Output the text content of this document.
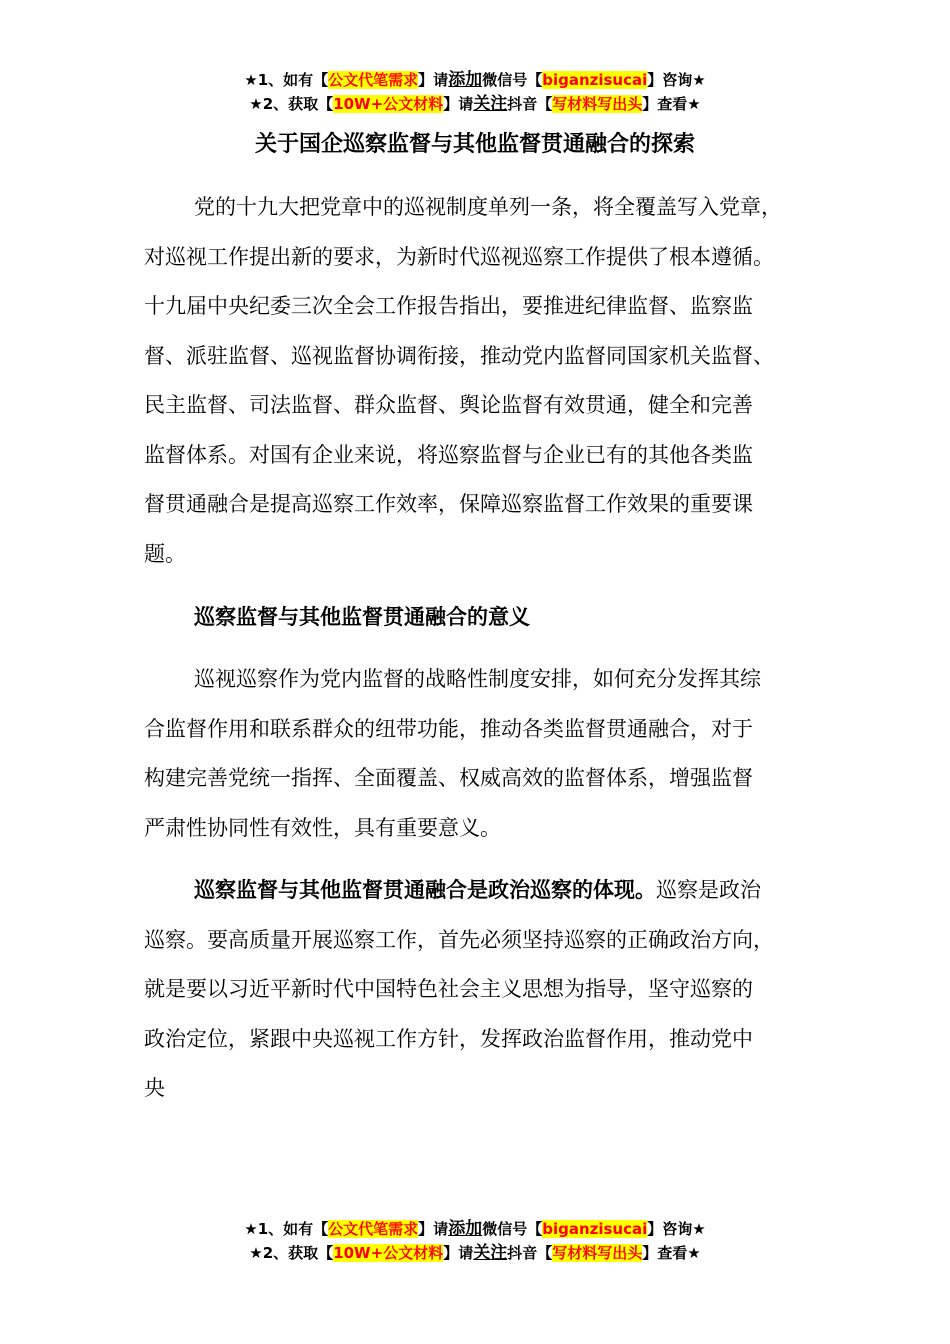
★1、如有【公文代笔需求】请添加微信号【biganzisucai】咨询★
★2、获取【10W+公文材料】请关注抖音【写材料写出头】查看★
关于国企巡察监督与其他监督贯通融合的探索
党的十九大把党章中的巡视制度单列一条，将全覆盖写入党章，
对巡视工作提出新的要求，为新时代巡视巡察工作提供了根本遵循。
十九届中央纪委三次全会工作报告指出，要推进纪律监督、监察监
督、派驻监督、巡视监督协调衔接，推动党内监督同国家机关监督、
民主监督、司法监督、群众监督、舆论监督有效贯通，健全和完善
监督体系。对国有企业来说，将巡察监督与企业已有的其他各类监
督贯通融合是提高巡察工作效率，保障巡察监督工作效果的重要课
题。
巡察监督与其他监督贯通融合的意义
巡视巡察作为党内监督的战略性制度安排，如何充分发挥其综
合监督作用和联系群众的纽带功能，推动各类监督贯通融合，对于
构建完善党统一指挥、全面覆盖、权威高效的监督体系，增强监督
严肃性协同性有效性，具有重要意义。
巡察监督与其他监督贯通融合是政治巡察的体现。巡察是政治
巡察。要高质量开展巡察工作，首先必须坚持巡察的正确政治方向，
就是要以习近平新时代中国特色社会主义思想为指导，坚守巡察的
政治定位，紧跟中央巡视工作方针，发挥政治监督作用，推动党中
央
★1、如有【公文代笔需求】请添加微信号【biganzisucai】咨询★
★2、获取【10W+公文材料】请关注抖音【写材料写出头】查看★
